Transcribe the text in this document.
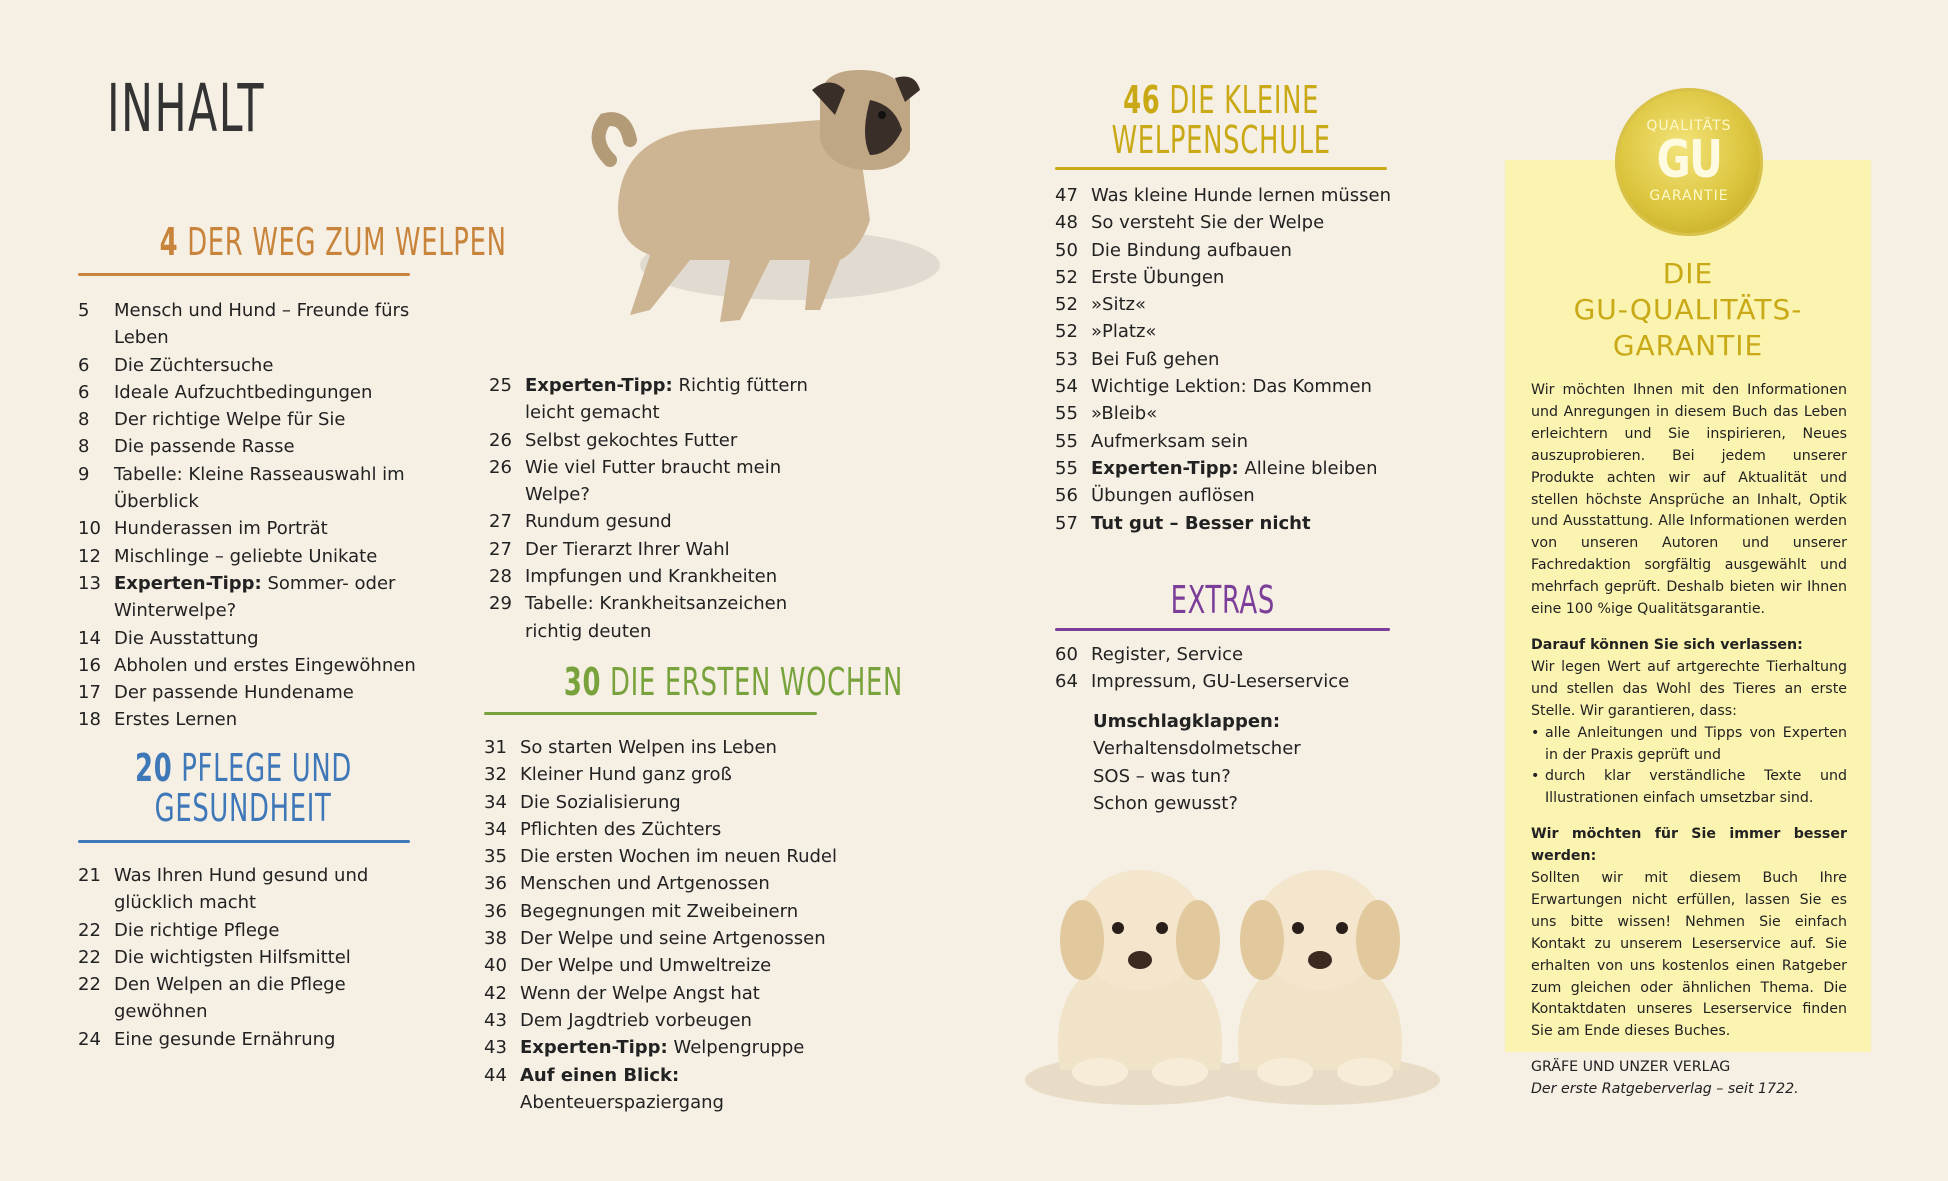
INHALT
4 DER WEG ZUM WELPEN
5	Mensch und Hund – Freunde fürs Leben
6	Die Züchtersuche
6	Ideale Aufzuchtbedingungen
8	Der richtige Welpe für Sie
8	Die passende Rasse
9	Tabelle: Kleine Rasseauswahl im Überblick
10 Hunderassen im Porträt
12 Mischlinge – geliebte Unikate
13 Experten-Tipp: Sommer- oder Winterwelpe?
14 Die Ausstattung
16 Abholen und erstes Eingewöhnen
17 Der passende Hundename
18 Erstes Lernen
20 PFLEGE UND
GESUNDHEIT
21 Was Ihren Hund gesund und glücklich macht
22 Die richtige Pflege
22 Die wichtigsten Hilfsmittel
22 Den Welpen an die Pflege gewöhnen
24 Eine gesunde Ernährung
25 Experten-Tipp: Richtig füttern leicht gemacht
26 Selbst gekochtes Futter
26 Wie viel Futter braucht mein Welpe?
27 Rundum gesund
27 Der Tierarzt Ihrer Wahl
28 Impfungen und Krankheiten
29 Tabelle: Krankheitsanzeichen richtig deuten
30 DIE ERSTEN WOCHEN
31 So starten Welpen ins Leben
32 Kleiner Hund ganz groß
34 Die Sozialisierung
34 Pflichten des Züchters
35 Die ersten Wochen im neuen Rudel
36 Menschen und Artgenossen
36 Begegnungen mit Zweibeinern
38 Der Welpe und seine Artgenossen
40 Der Welpe und Umweltreize
42 Wenn der Welpe Angst hat
43 Dem Jagdtrieb vorbeugen
43 Experten-Tipp: Welpengruppe
44 Auf einen Blick: Abenteuerspaziergang
46 DIE KLEINE
WELPENSCHULE
47 Was kleine Hunde lernen müssen
48 So versteht Sie der Welpe
50 Die Bindung aufbauen
52 Erste Übungen
52 »Sitz«
52 »Platz«
53 Bei Fuß gehen
54 Wichtige Lektion: Das Kommen
55 »Bleib«
55 Aufmerksam sein
55 Experten-Tipp: Alleine bleiben
56 Übungen auflösen
57 Tut gut – Besser nicht
EXTRAS
60 Register, Service
64 Impressum, GU-Leserservice
Umschlagklappen:
Verhaltensdolmetscher
SOS – was tun?
Schon gewusst?
QUALITÄTS
GU
GARANTIE
DIE
GU-QUALITÄTS-
GARANTIE

Wir möchten Ihnen mit den Informationen und Anregungen in diesem Buch das Leben erleichtern und Sie inspirieren, Neues auszuprobieren. Bei jedem unserer Produkte achten wir auf Aktualität und stellen höchste Ansprüche an Inhalt, Optik und Ausstattung. Alle Informationen werden von unseren Autoren und unserer Fachredaktion sorgfältig ausgewählt und mehrfach geprüft. Deshalb bieten wir Ihnen eine 100 %ige Qualitätsgarantie.

Darauf können Sie sich verlassen:
Wir legen Wert auf artgerechte Tierhaltung und stellen das Wohl des Tieres an erste Stelle. Wir garantieren, dass:

• alle Anleitungen und Tipps von Experten in der Praxis geprüft und
• durch klar verständliche Texte und Illustrationen einfach umsetzbar sind.

Wir möchten für Sie immer besser werden:
Sollten wir mit diesem Buch Ihre Erwartungen nicht erfüllen, lassen Sie es uns bitte wissen! Nehmen Sie einfach Kontakt zu unserem Leserservice auf. Sie erhalten von uns kostenlos einen Ratgeber zum gleichen oder ähnlichen Thema. Die Kontaktdaten unseres Leserservice finden Sie am Ende dieses Buches.

GRÄFE UND UNZER VERLAG
Der erste Ratgeberverlag – seit 1722.
